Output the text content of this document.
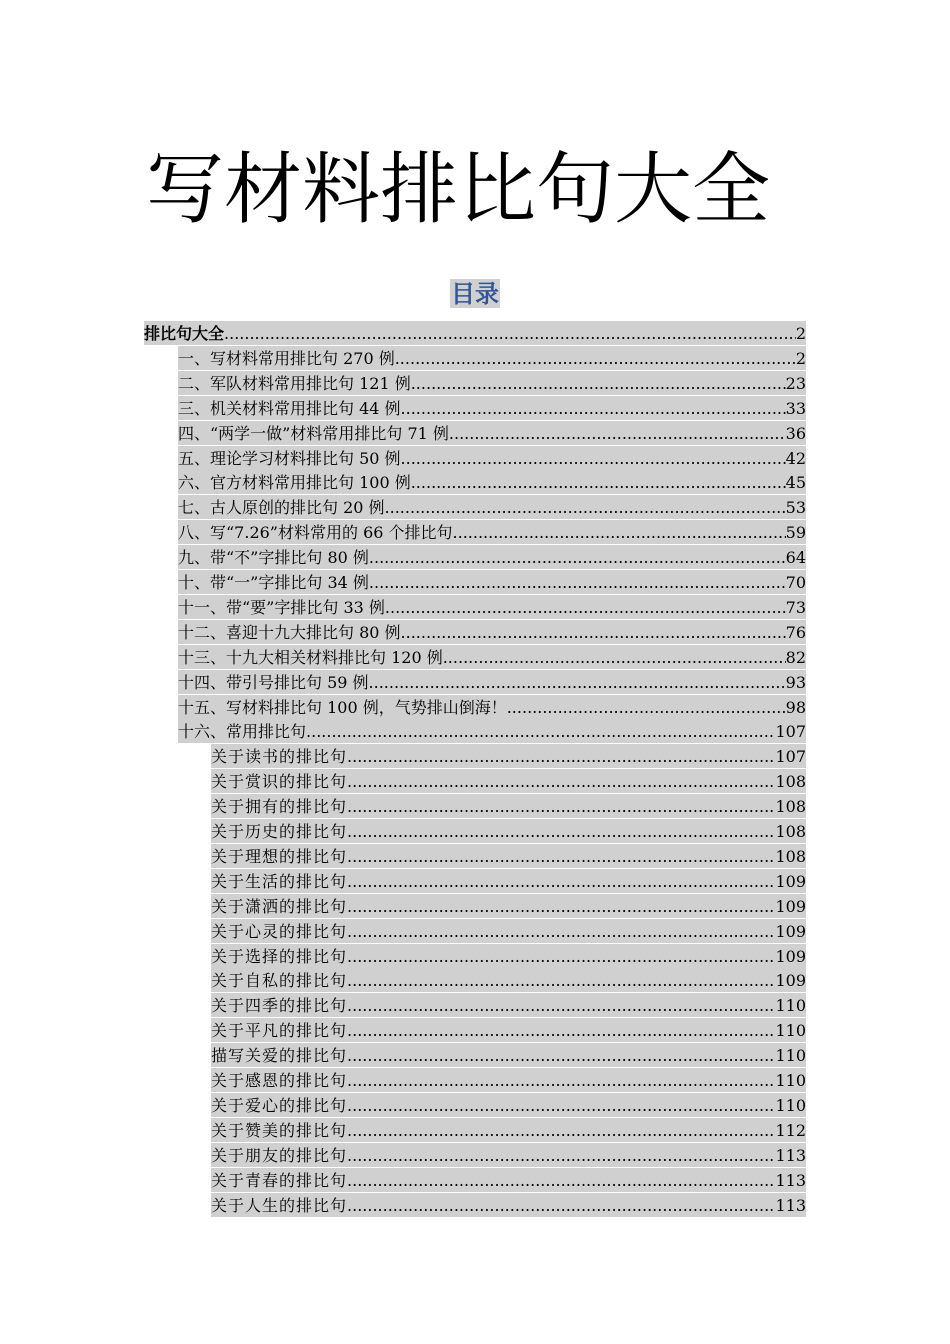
写材料排比句大全
目录
排比句大全 .....	2
一、写材料常用排比句 270 例 .....	2
二、军队材料常用排比句 121 例 .....	23
三、机关材料常用排比句 44 例 .....	33
四、“两学一做”材料常用排比句 71 例 .....	36
五、理论学习材料排比句 50 例 .....	42
六、官方材料常用排比句 100 例 .....	45
七、古人原创的排比句 20 例 .....	53
八、写“7.26”材料常用的 66 个排比句 .....	59
九、带“不”字排比句 80 例 .....	64
十、带“一”字排比句 34 例 .....	70
十一、带“要”字排比句 33 例 .....	73
十二、喜迎十九大排比句 80 例 .....	76
十三、十九大相关材料排比句 120 例 .....	82
十四、带引号排比句 59 例 .....	93
十五、写材料排比句 100 例，气势排山倒海！ .....	98
十六、常用排比句 .....	107
关于读书的排比句 .....	107
关于赏识的排比句 .....	108
关于拥有的排比句 .....	108
关于历史的排比句 .....	108
关于理想的排比句 .....	108
关于生活的排比句 .....	109
关于潇洒的排比句 .....	109
关于心灵的排比句 .....	109
关于选择的排比句 .....	109
关于自私的排比句 .....	109
关于四季的排比句 .....	110
关于平凡的排比句 .....	110
描写关爱的排比句 .....	110
关于感恩的排比句 .....	110
关于爱心的排比句 .....	110
关于赞美的排比句 .....	112
关于朋友的排比句 .....	113
关于青春的排比句 .....	113
关于人生的排比句 .....	113
